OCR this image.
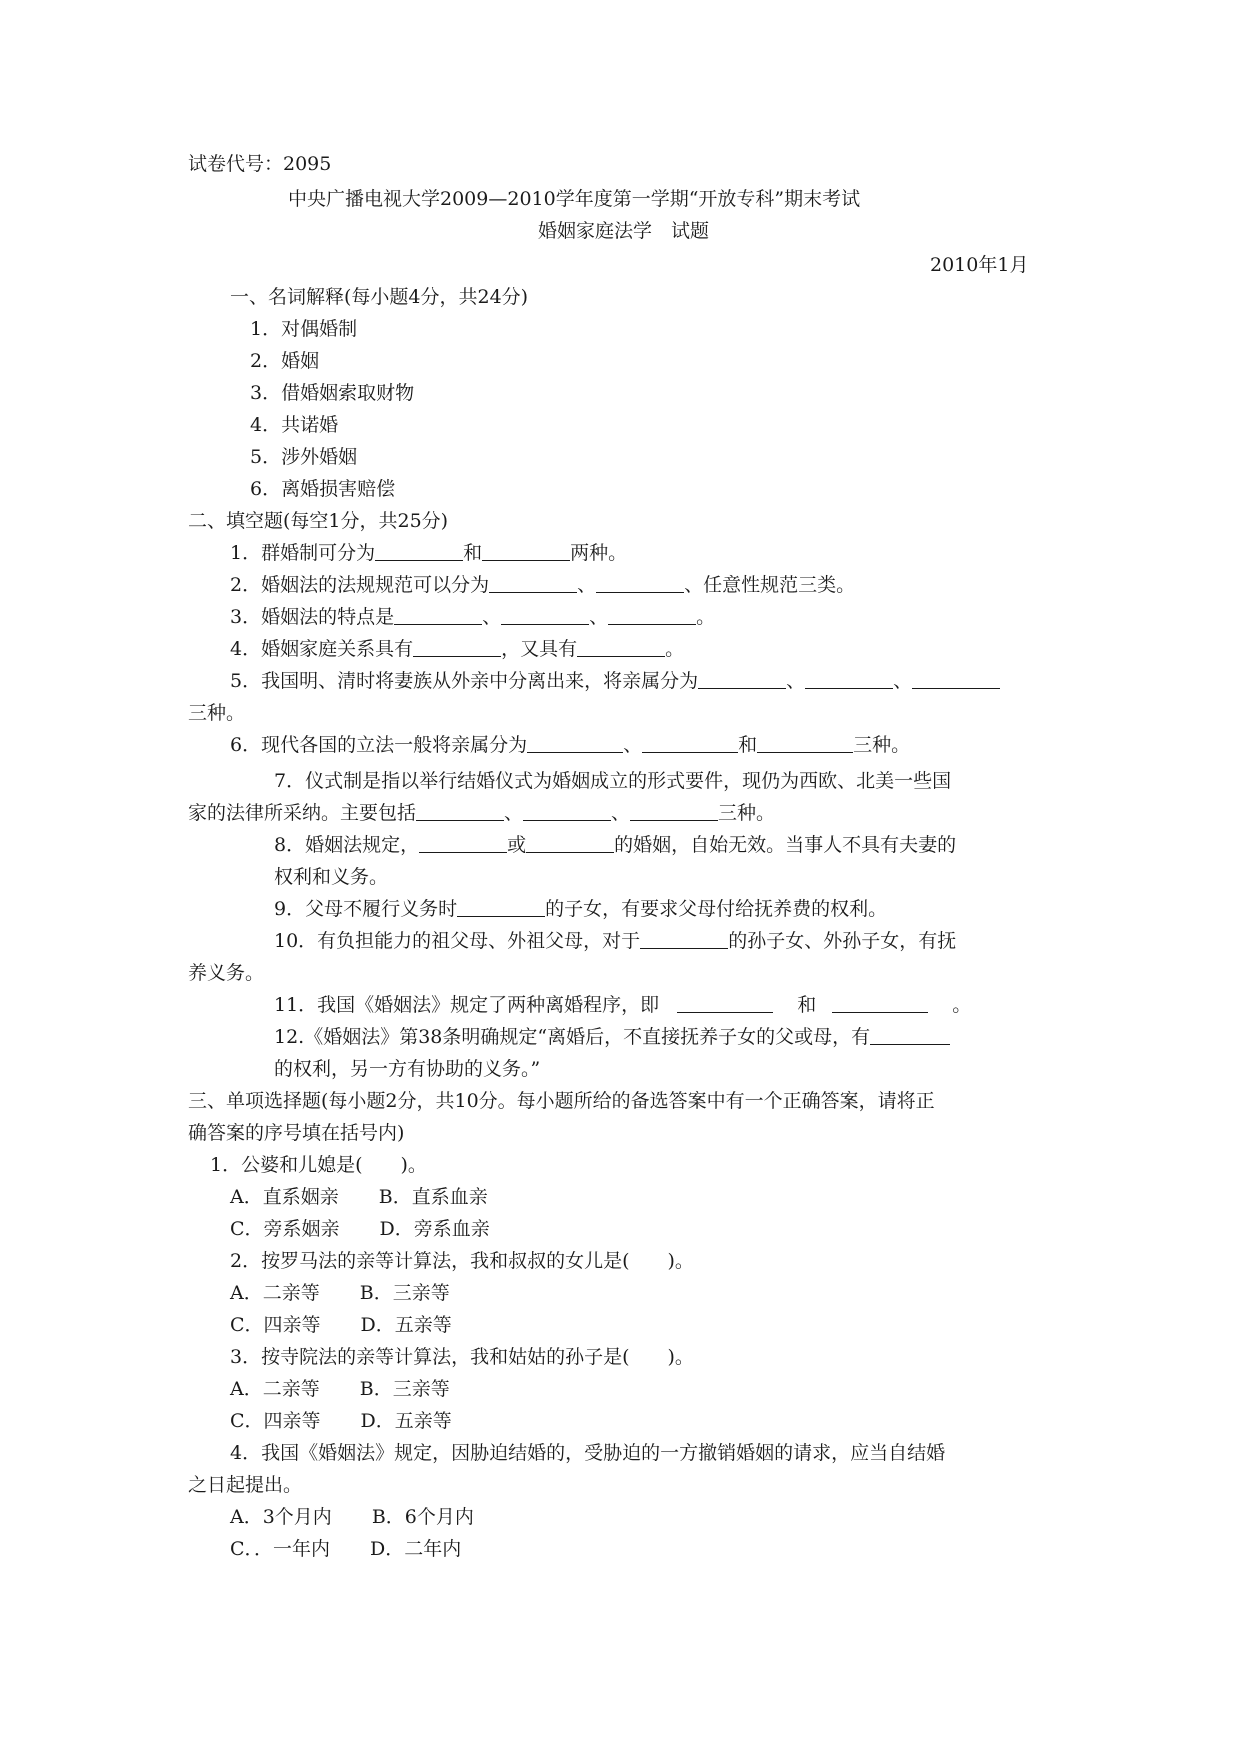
试卷代号：2095
中央广播电视大学2009—2010学年度第一学期“开放专科”期末考试
婚姻家庭法学　试题
2010年1月
一、名词解释(每小题4分，共24分)
1．对偶婚制
2．婚姻
3．借婚姻索取财物
4．共诺婚
5．涉外婚姻
6．离婚损害赔偿
二、填空题(每空1分，共25分)
1．群婚制可分为	和	两种。
2．婚姻法的法规规范可以分为	、	、任意性规范三类。
3．婚姻法的特点是	、	、	。
4．婚姻家庭关系具有	，又具有	。
5．我国明、清时将妻族从外亲中分离出来，将亲属分为	、	、
三种。
6．现代各国的立法一般将亲属分为	、	和	三种。
7．仪式制是指以举行结婚仪式为婚姻成立的形式要件，现仍为西欧、北美一些国
家的法律所采纳。主要包括	、	、	三种。
8．婚姻法规定，	或	的婚姻，自始无效。当事人不具有夫妻的
权利和义务。
9．父母不履行义务时	的子女，有要求父母付给抚养费的权利。
10．有负担能力的祖父母、外祖父母，对于	的孙子女、外孙子女，有抚
养义务。
11．我国《婚姻法》规定了两种离婚程序，即	和	。
12.《婚姻法》第38条明确规定“离婚后，不直接抚养子女的父或母，有
的权利，另一方有协助的义务。”
三、单项选择题(每小题2分，共10分。每小题所给的备选答案中有一个正确答案，请将正
确答案的序号填在括号内)
1．公婆和儿媳是(　　)。
A．直系姻亲 B．直系血亲
C．旁系姻亲 D．旁系血亲
2．按罗马法的亲等计算法，我和叔叔的女儿是(　　)。
A．二亲等 B．三亲等
C．四亲等 D．五亲等
3．按寺院法的亲等计算法，我和姑姑的孙子是(　　)。
A．二亲等 B．三亲等
C．四亲等 D．五亲等
4．我国《婚姻法》规定，因胁迫结婚的，受胁迫的一方撤销婚姻的请求，应当自结婚
之日起提出。
A．3个月内 B．6个月内
C．．一年内 D．二年内
